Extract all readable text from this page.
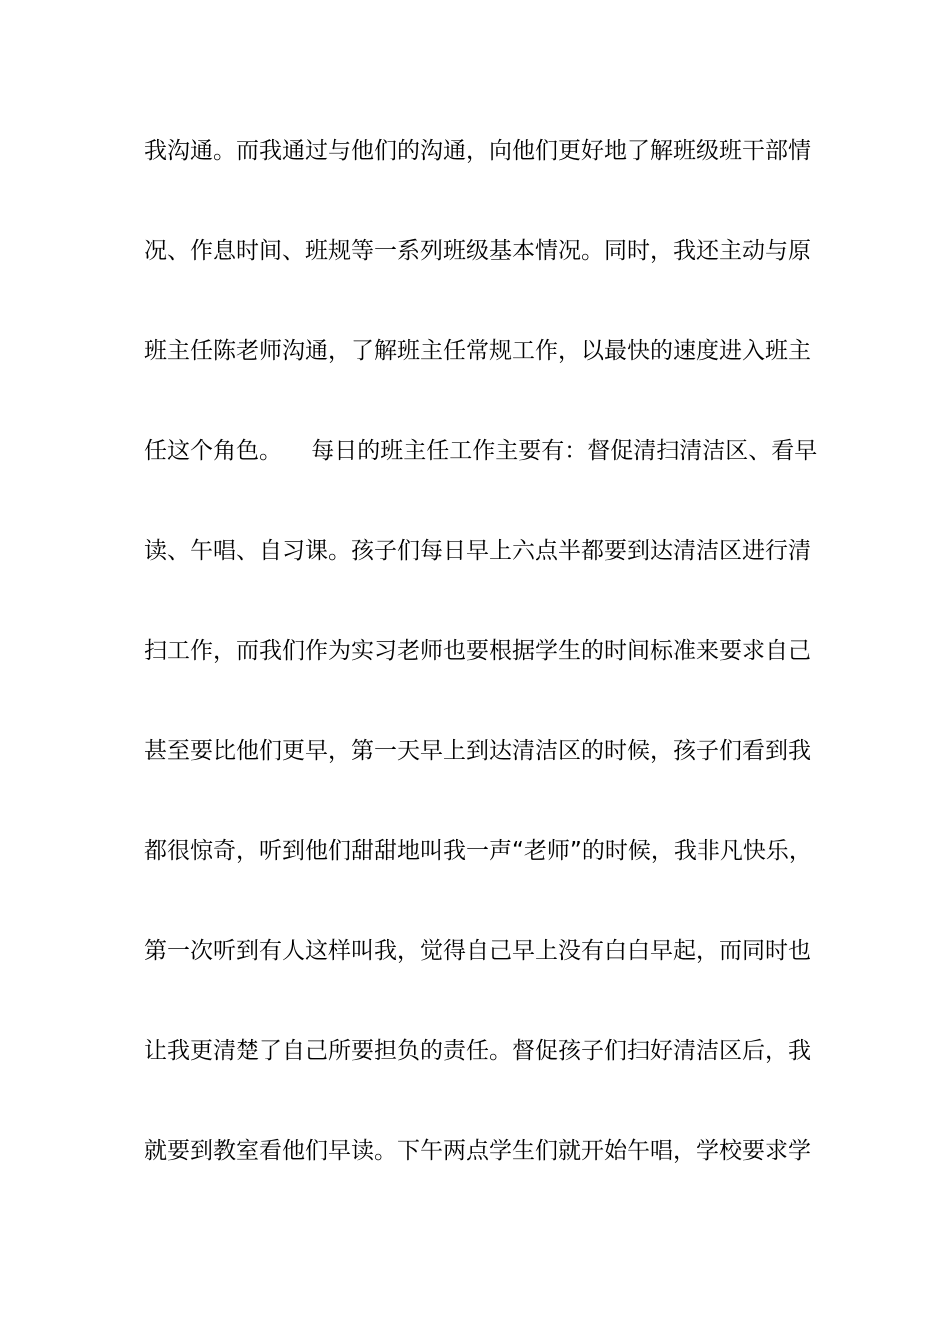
我沟通。而我通过与他们的沟通，向他们更好地了解班级班干部情
况、作息时间、班规等一系列班级基本情况。同时，我还主动与原
班主任陈老师沟通，了解班主任常规工作，以最快的速度进入班主
任这个角色。    每日的班主任工作主要有：督促清扫清洁区、看早
读、午唱、自习课。孩子们每日早上六点半都要到达清洁区进行清
扫工作，而我们作为实习老师也要根据学生的时间标准来要求自己
甚至要比他们更早，第一天早上到达清洁区的时候，孩子们看到我
都很惊奇，听到他们甜甜地叫我一声“老师”的时候，我非凡快乐，
第一次听到有人这样叫我，觉得自己早上没有白白早起，而同时也
让我更清楚了自己所要担负的责任。督促孩子们扫好清洁区后，我
就要到教室看他们早读。下午两点学生们就开始午唱，学校要求学
